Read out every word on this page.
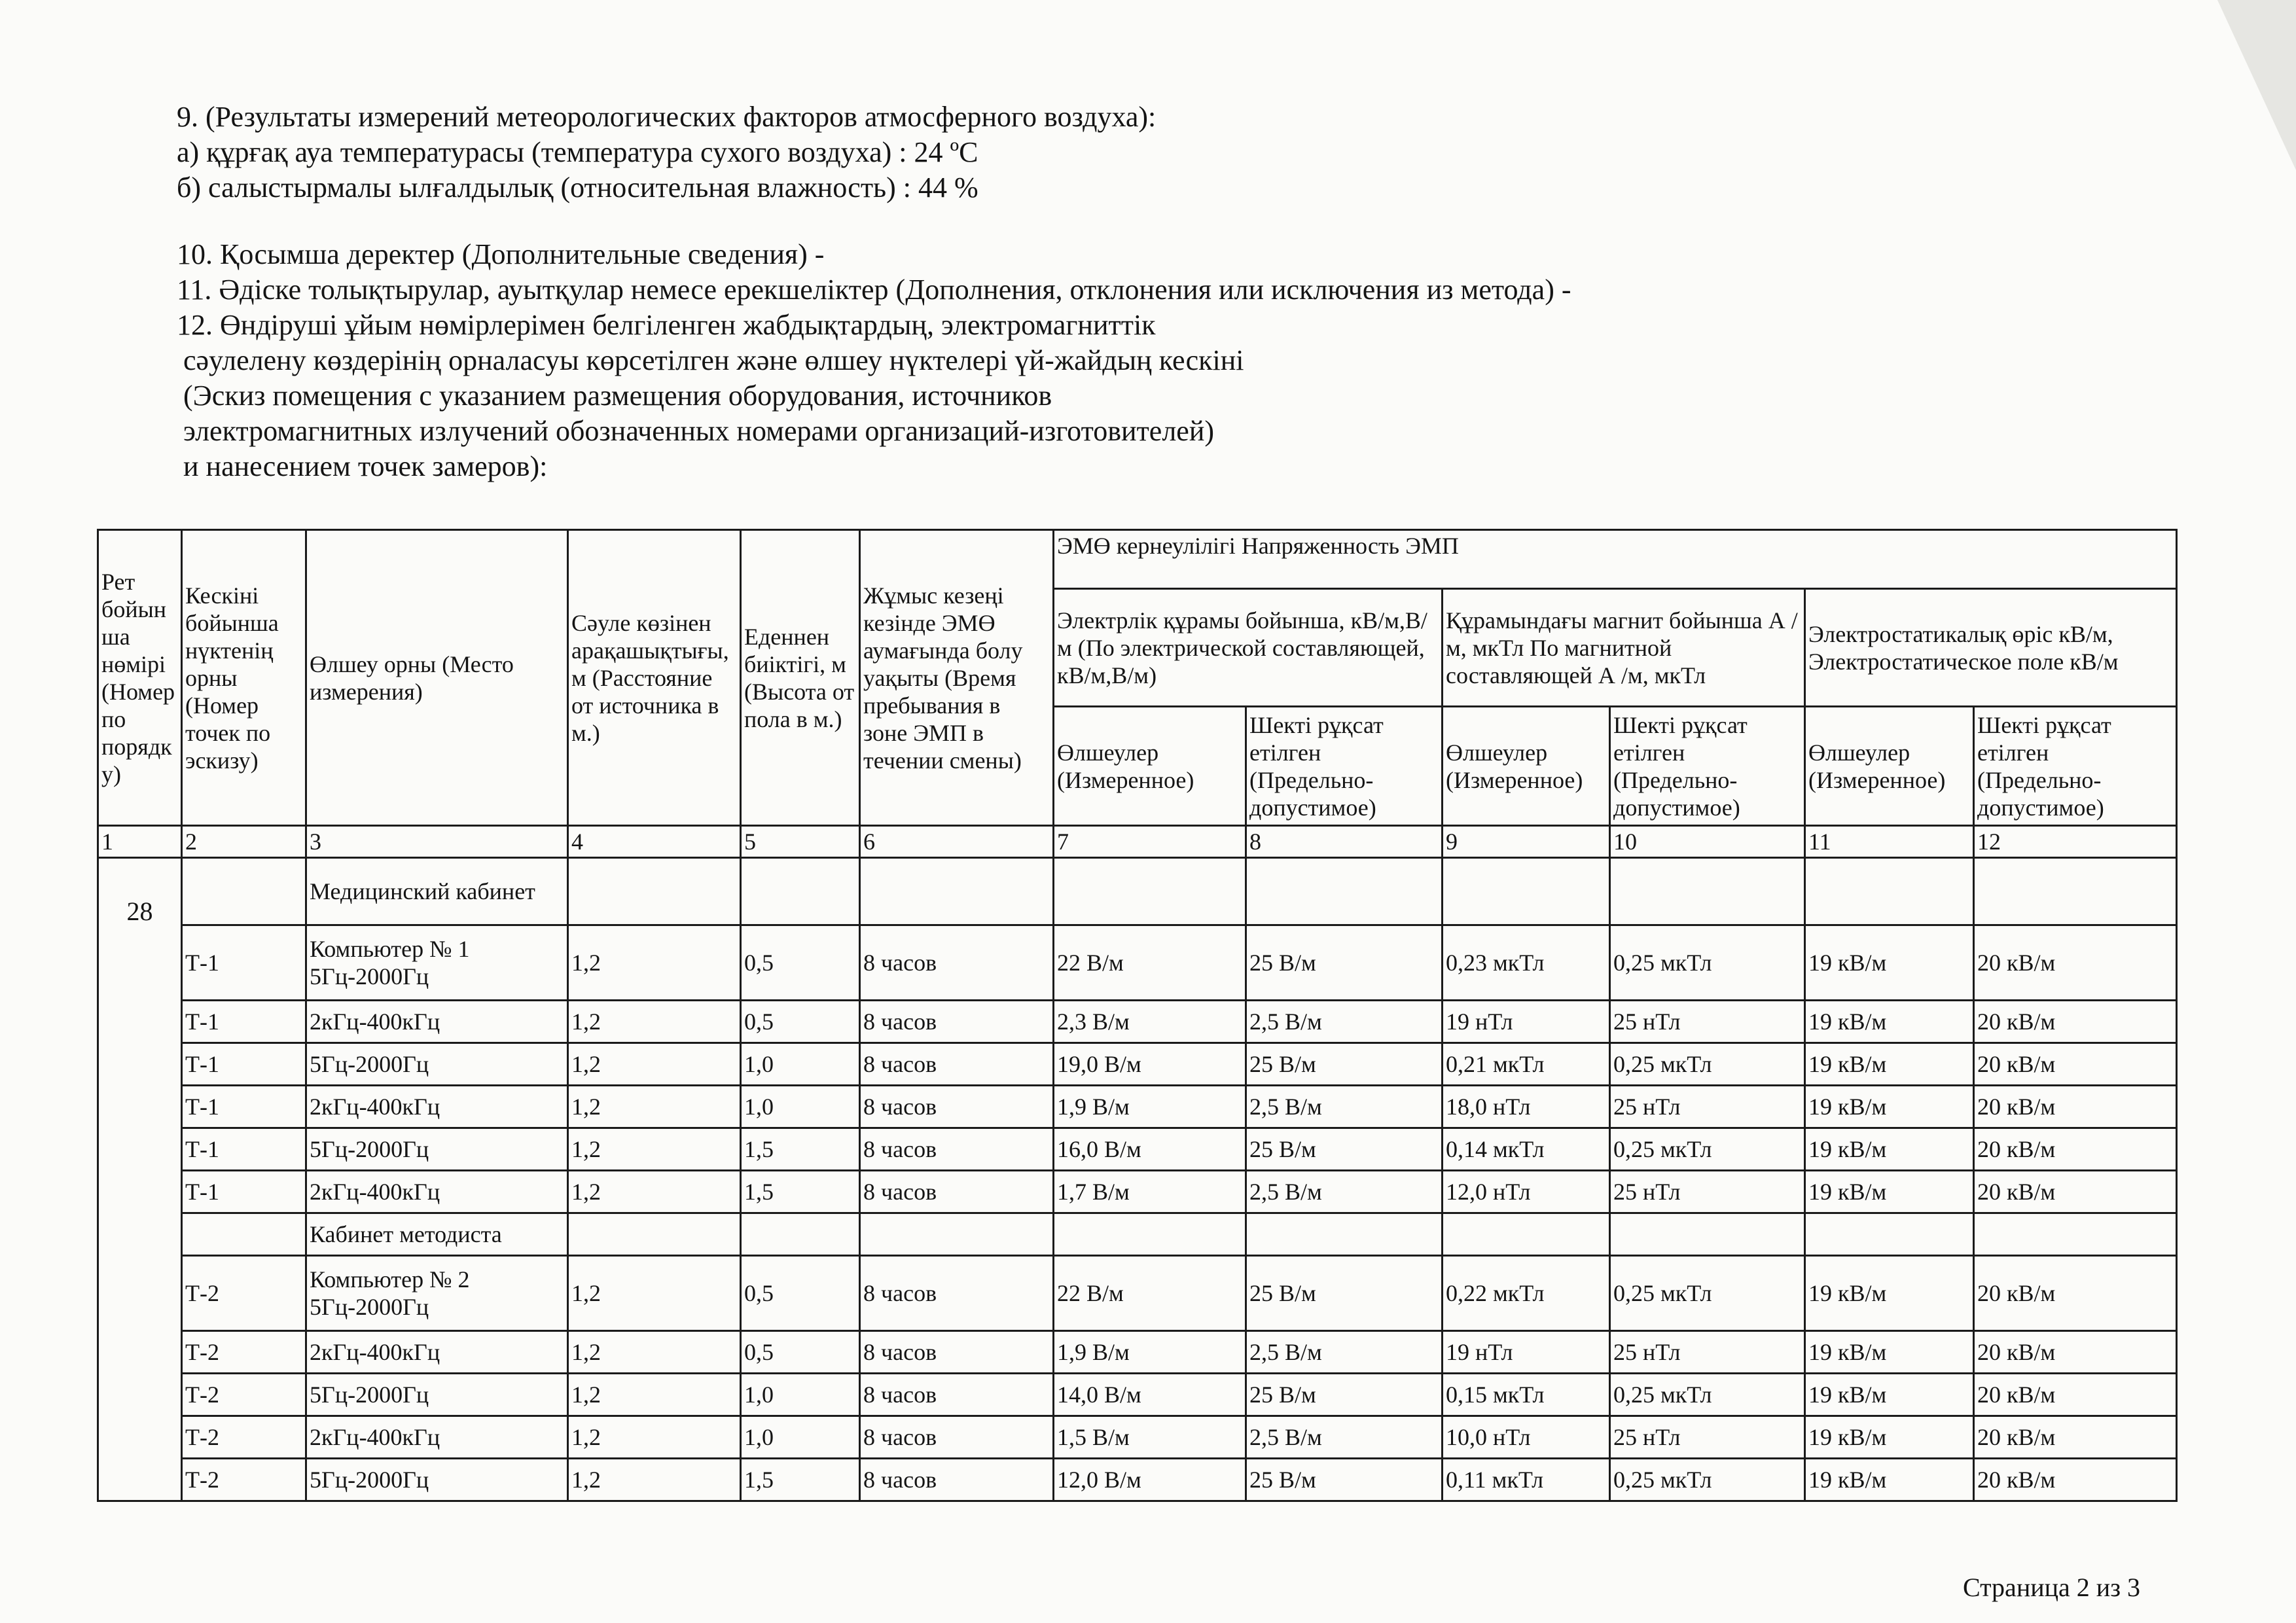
9. (Результаты измерений метеорологических факторов атмосферного воздуха):

а) құрғақ ауа температурасы (температура сухого воздуха) : 24 ºС

б) салыстырмалы ылғалдылық (относительная влажность) : 44 %

10. Қосымша деректер (Дополнительные сведения) -

11. Әдіске толықтырулар, ауытқулар немесе ерекшеліктер (Дополнения, отклонения или исключения из метода) -

12. Өндіруші ұйым нөмірлерімен белгіленген жабдықтардың, электромагниттік

сәулелену көздерінің орналасуы көрсетілген және өлшеу нүктелері үй-жайдың кескіні

(Эскиз помещения с указанием размещения оборудования, источников

электромагнитных излучений обозначенных номерами организаций-изготовителей)

и нанесением точек замеров):

Рет бойын ша нөмірі (Номер по порядк у)	Кескіні бойынша нүктенің орны (Номер точек по эскизу)	Өлшеу орны (Место измерения)	Сәуле көзінен арақашықтығы, м (Расстояние от источника в м.)	Еденнен биіктігі, м (Высота от пола в м.)	Жұмыс кезеңі кезінде ЭМӨ аумағында болу уақыты (Время пребывания в зоне ЭМП в течении смены)	ЭМӨ кернеулілігі Напряженность ЭМП					
						Электрлік құрамы бойынша, кВ/м,В/м (По электрической составляющей, кВ/м,В/м)		Құрамындағы магнит бойынша А /м, мкТл По магнитной составляющей А /м, мкТл		Электростатикалық өріс кВ/м, Электростатическое поле кВ/м	
						Өлшеулер (Измеренное)	Шекті рұқсат етілген (Предельно-допустимое)	Өлшеулер (Измеренное)	Шекті рұқсат етілген (Предельно-допустимое)	Өлшеулер (Измеренное)	Шекті рұқсат етілген (Предельно-допустимое)
1	2	3	4	5	6	7	8	9	10	11	12
28		Медицинский кабинет									
	Т-1	Компьютер № 1 5Гц-2000Гц	1,2	0,5	8 часов	22 В/м	25 В/м	0,23 мкТл	0,25 мкТл	19 кВ/м	20 кВ/м
	Т-1	2кГц-400кГц	1,2	0,5	8 часов	2,3 В/м	2,5 В/м	19 нТл	25 нТл	19 кВ/м	20 кВ/м
	Т-1	5Гц-2000Гц	1,2	1,0	8 часов	19,0 В/м	25 В/м	0,21 мкТл	0,25 мкТл	19 кВ/м	20 кВ/м
	Т-1	2кГц-400кГц	1,2	1,0	8 часов	1,9 В/м	2,5 В/м	18,0 нТл	25 нТл	19 кВ/м	20 кВ/м
	Т-1	5Гц-2000Гц	1,2	1,5	8 часов	16,0 В/м	25 В/м	0,14 мкТл	0,25 мкТл	19 кВ/м	20 кВ/м
	Т-1	2кГц-400кГц	1,2	1,5	8 часов	1,7 В/м	2,5 В/м	12,0 нТл	25 нТл	19 кВ/м	20 кВ/м
		Кабинет методиста									
	Т-2	Компьютер № 2 5Гц-2000Гц	1,2	0,5	8 часов	22 В/м	25 В/м	0,22 мкТл	0,25 мкТл	19 кВ/м	20 кВ/м
	Т-2	2кГц-400кГц	1,2	0,5	8 часов	1,9 В/м	2,5 В/м	19 нТл	25 нТл	19 кВ/м	20 кВ/м
	Т-2	5Гц-2000Гц	1,2	1,0	8 часов	14,0 В/м	25 В/м	0,15 мкТл	0,25 мкТл	19 кВ/м	20 кВ/м
	Т-2	2кГц-400кГц	1,2	1,0	8 часов	1,5 В/м	2,5 В/м	10,0 нТл	25 нТл	19 кВ/м	20 кВ/м
	Т-2	5Гц-2000Гц	1,2	1,5	8 часов	12,0 В/м	25 В/м	0,11 мкТл	0,25 мкТл	19 кВ/м	20 кВ/м
Страница 2 из 3
